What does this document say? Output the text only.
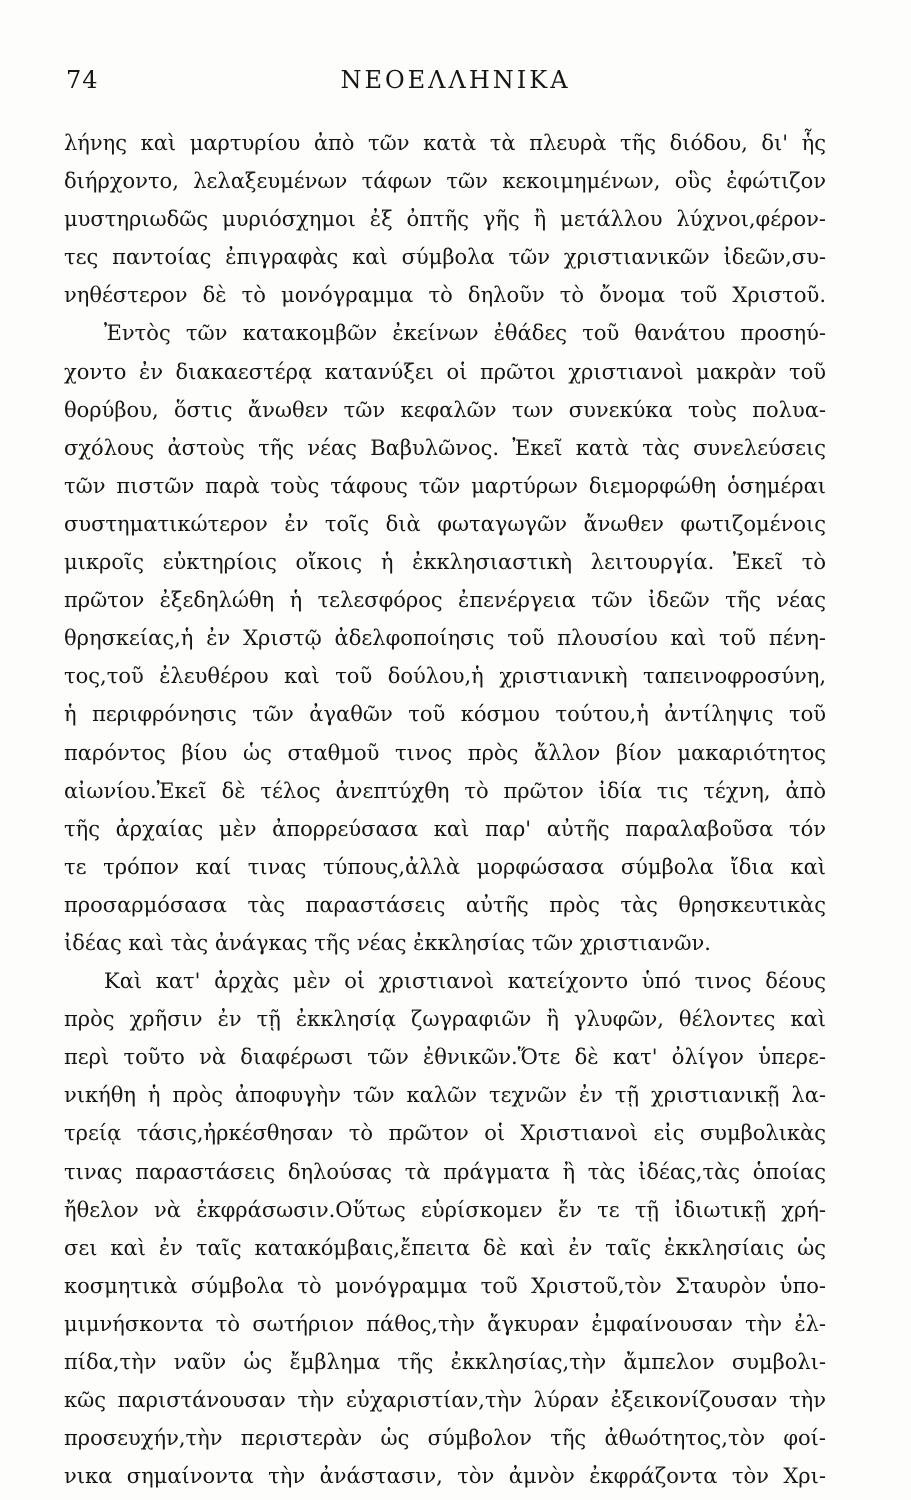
74	ΝΕΟΕΛΛΗΝΙΚΑ
λήνης καὶ μαρτυρίου ἀπὸ τῶν κατὰ τὰ πλευρὰ τῆς διόδου, δι' ἧς
διήρχοντο, λελαξευμένων τάφων τῶν κεκοιμημένων, οὓς ἐφώτιζον
μυστηριωδῶς μυριόσχημοι ἐξ ὀπτῆς γῆς ἢ μετάλλου λύχνοι,φέρον-
τες παντοίας ἐπιγραφὰς καὶ σύμβολα τῶν χριστιανικῶν ἰδεῶν,συ-
νηθέστερον δὲ τὸ μονόγραμμα τὸ δηλοῦν τὸ ὄνομα τοῦ Χριστοῦ.
Ἐντὸς τῶν κατακομβῶν ἐκείνων ἐθάδες τοῦ θανάτου προσηύ-
χοντο ἐν διακαεστέρᾳ κατανύξει οἱ πρῶτοι χριστιανοὶ μακρὰν τοῦ
θορύβου, ὅστις ἄνωθεν τῶν κεφαλῶν των συνεκύκα τοὺς πολυα-
σχόλους ἀστοὺς τῆς νέας Βαβυλῶνος. Ἐκεῖ κατὰ τὰς συνελεύσεις
τῶν πιστῶν παρὰ τοὺς τάφους τῶν μαρτύρων διεμορφώθη ὁσημέραι
συστηματικώτερον ἐν τοῖς διὰ φωταγωγῶν ἄνωθεν φωτιζομένοις
μικροῖς εὐκτηρίοις οἴκοις ἡ ἐκκλησιαστικὴ λειτουργία. Ἐκεῖ τὸ
πρῶτον ἐξεδηλώθη ἡ τελεσφόρος ἐπενέργεια τῶν ἰδεῶν τῆς νέας
θρησκείας,ἡ ἐν Χριστῷ ἀδελφοποίησις τοῦ πλουσίου καὶ τοῦ πένη-
τος,τοῦ ἐλευθέρου καὶ τοῦ δούλου,ἡ χριστιανικὴ ταπεινοφροσύνη,
ἡ περιφρόνησις τῶν ἀγαθῶν τοῦ κόσμου τούτου,ἡ ἀντίληψις τοῦ
παρόντος βίου ὡς σταθμοῦ τινος πρὸς ἄλλον βίον μακαριότητος
αἰωνίου.Ἐκεῖ δὲ τέλος ἀνεπτύχθη τὸ πρῶτον ἰδία τις τέχνη, ἀπὸ
τῆς ἀρχαίας μὲν ἀπορρεύσασα καὶ παρ' αὐτῆς παραλαβοῦσα τόν
τε τρόπον καί τινας τύπους,ἀλλὰ μορφώσασα σύμβολα ἴδια καὶ
προσαρμόσασα τὰς παραστάσεις αὐτῆς πρὸς τὰς θρησκευτικὰς
ἰδέας καὶ τὰς ἀνάγκας τῆς νέας ἐκκλησίας τῶν χριστιανῶν.
Καὶ κατ' ἀρχὰς μὲν οἱ χριστιανοὶ κατείχοντο ὑπό τινος δέους
πρὸς χρῆσιν ἐν τῇ ἐκκλησίᾳ ζωγραφιῶν ἢ γλυφῶν, θέλοντες καὶ
περὶ τοῦτο νὰ διαφέρωσι τῶν ἐθνικῶν.Ὅτε δὲ κατ' ὀλίγον ὑπερε-
νικήθη ἡ πρὸς ἀποφυγὴν τῶν καλῶν τεχνῶν ἐν τῇ χριστιανικῇ λα-
τρείᾳ τάσις,ἠρκέσθησαν τὸ πρῶτον οἱ Χριστιανοὶ εἰς συμβολικὰς
τινας παραστάσεις δηλούσας τὰ πράγματα ἢ τὰς ἰδέας,τὰς ὁποίας
ἤθελον νὰ ἐκφράσωσιν.Οὕτως εὑρίσκομεν ἔν τε τῇ ἰδιωτικῇ χρή-
σει καὶ ἐν ταῖς κατακόμβαις,ἔπειτα δὲ καὶ ἐν ταῖς ἐκκλησίαις ὡς
κοσμητικὰ σύμβολα τὸ μονόγραμμα τοῦ Χριστοῦ,τὸν Σταυρὸν ὑπο-
μιμνήσκοντα τὸ σωτήριον πάθος,τὴν ἄγκυραν ἐμφαίνουσαν τὴν ἐλ-
πίδα,τὴν ναῦν ὡς ἔμβλημα τῆς ἐκκλησίας,τὴν ἄμπελον συμβολι-
κῶς παριστάνουσαν τὴν εὐχαριστίαν,τὴν λύραν ἐξεικονίζουσαν τὴν
προσευχήν,τὴν περιστερὰν ὡς σύμβολον τῆς ἀθωότητος,τὸν φοί-
νικα σημαίνοντα τὴν ἀνάστασιν, τὸν ἀμνὸν ἐκφράζοντα τὸν Χρι-
